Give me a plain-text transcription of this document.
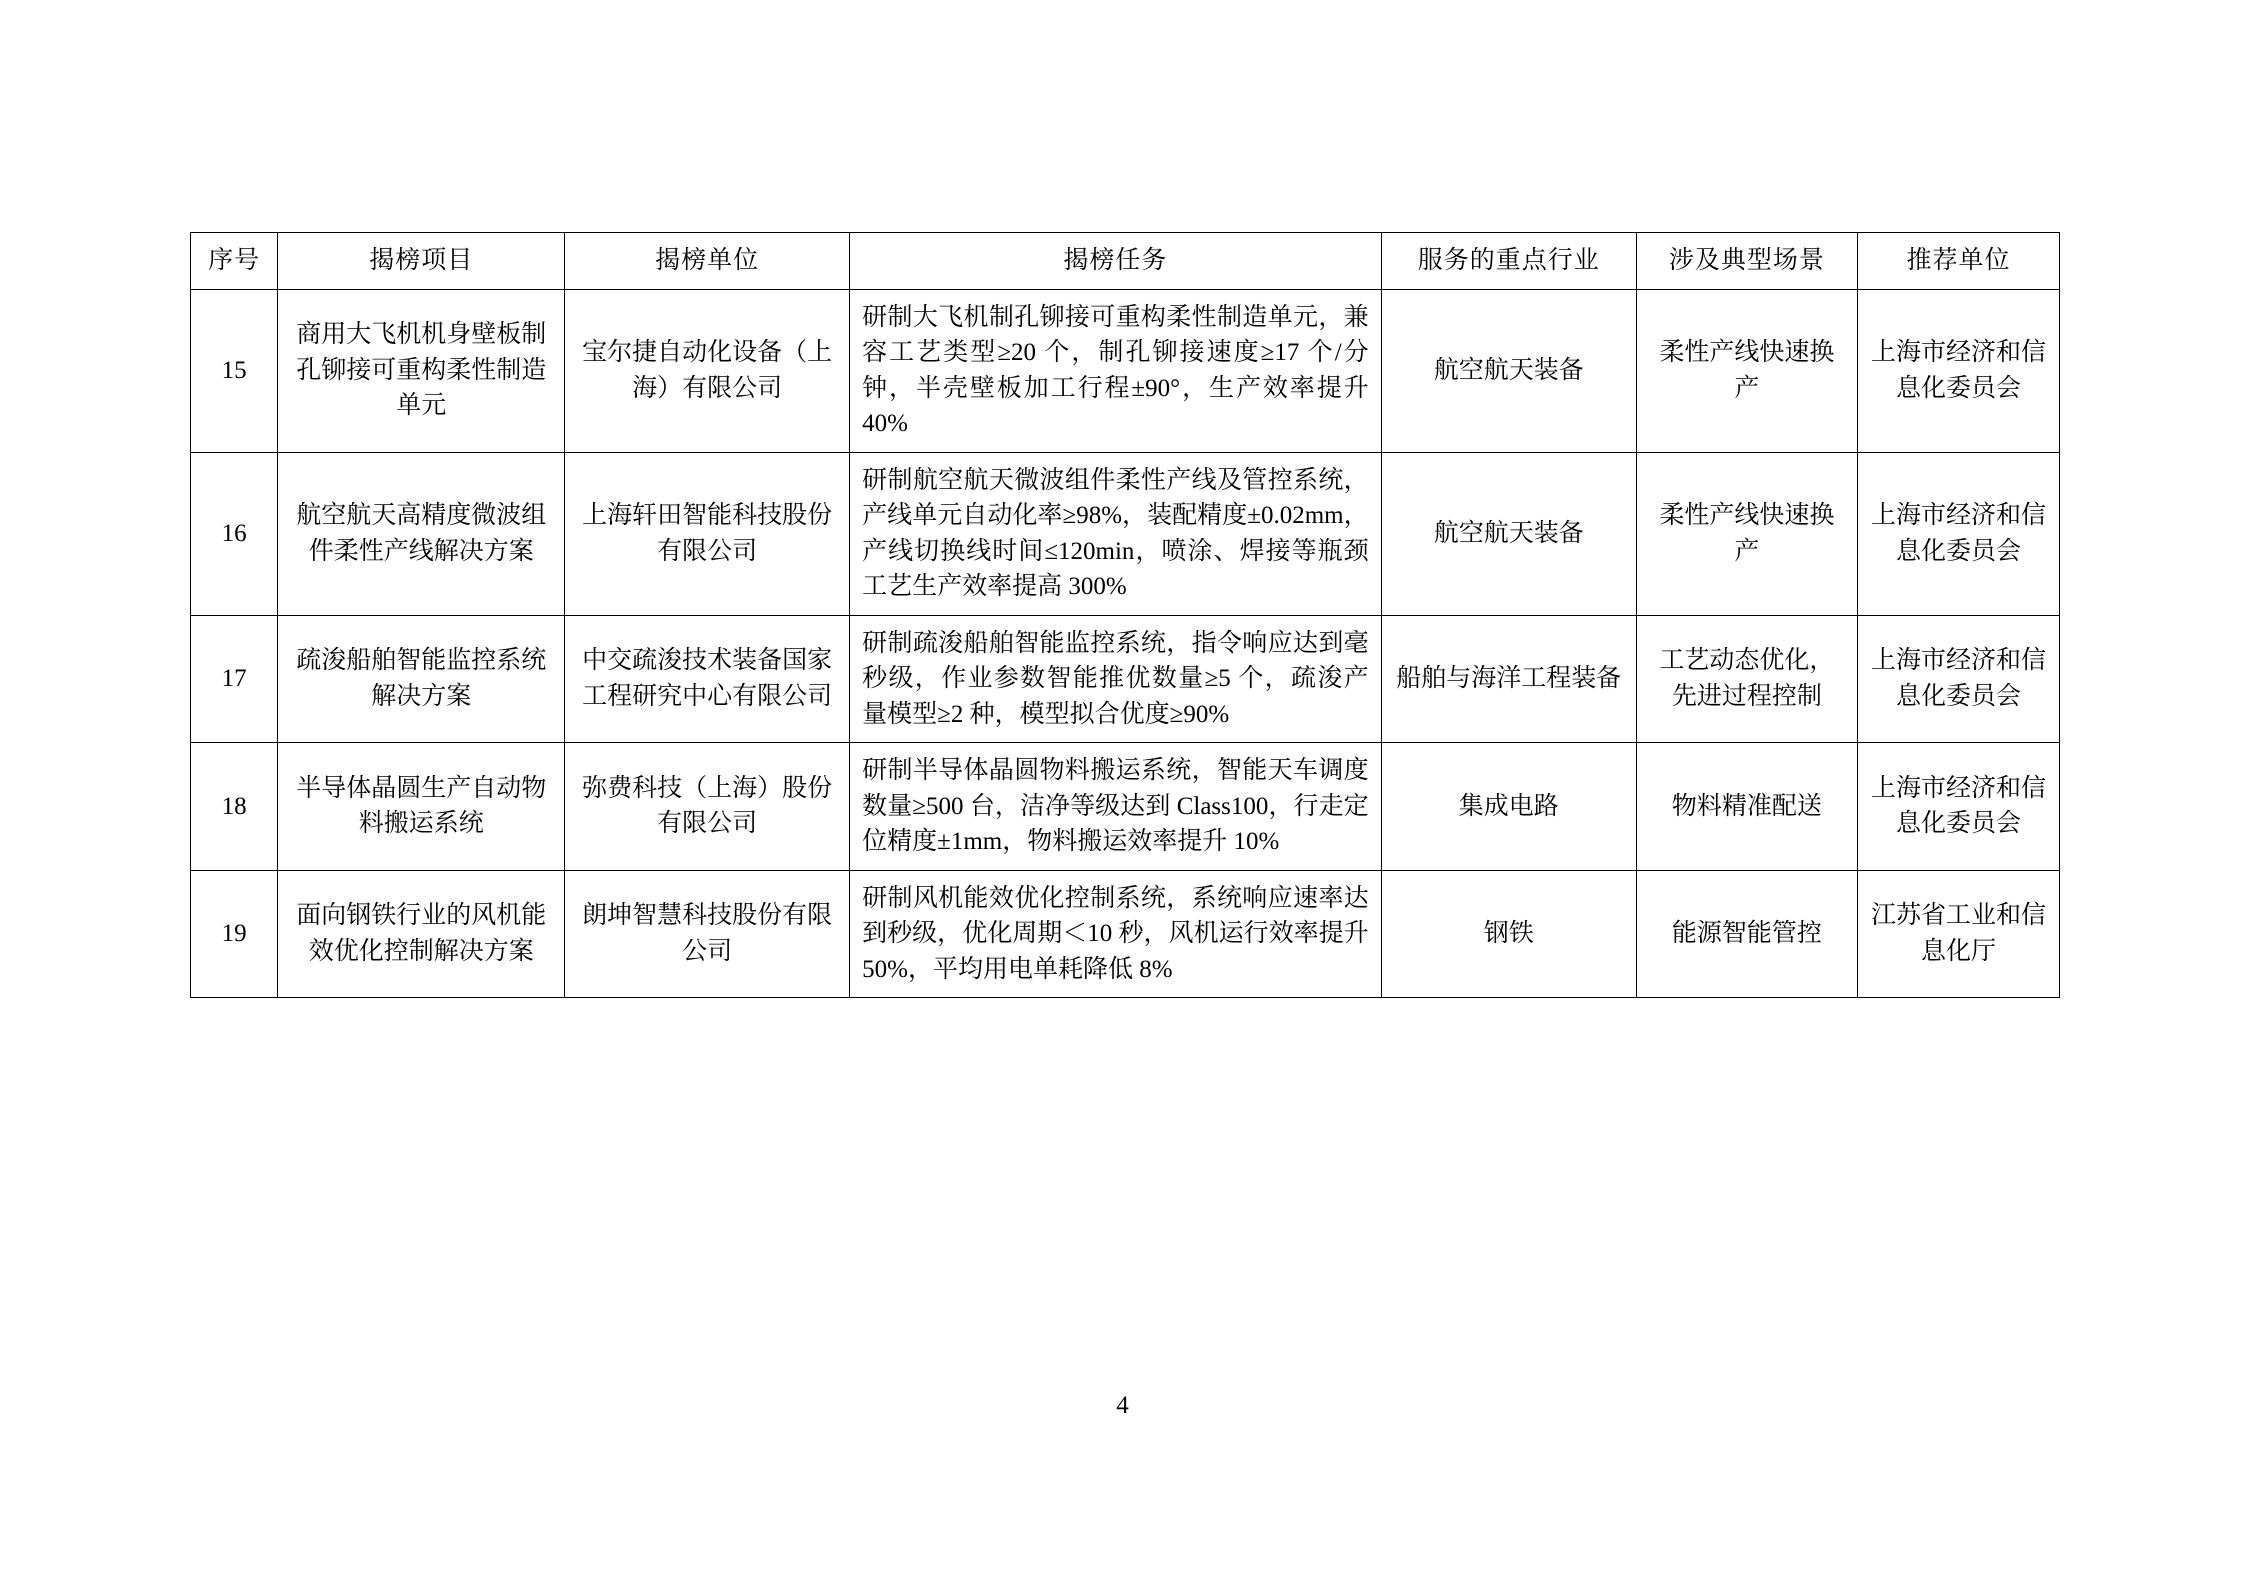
序号	揭榜项目	揭榜单位	揭榜任务	服务的重点行业	涉及典型场景	推荐单位
15	商用大飞机机身壁板制孔铆接可重构柔性制造单元	宝尔捷自动化设备（上海）有限公司	研制大飞机制孔铆接可重构柔性制造单元，兼容工艺类型≥20 个，制孔铆接速度≥17 个/分钟，半壳壁板加工行程±90°，生产效率提升 40%	航空航天装备	柔性产线快速换产	上海市经济和信息化委员会
16	航空航天高精度微波组件柔性产线解决方案	上海轩田智能科技股份有限公司	研制航空航天微波组件柔性产线及管控系统，产线单元自动化率≥98%，装配精度±0.02mm，产线切换线时间≤120min，喷涂、焊接等瓶颈工艺生产效率提高 300%	航空航天装备	柔性产线快速换产	上海市经济和信息化委员会
17	疏浚船舶智能监控系统解决方案	中交疏浚技术装备国家工程研究中心有限公司	研制疏浚船舶智能监控系统，指令响应达到毫秒级，作业参数智能推优数量≥5 个，疏浚产量模型≥2 种，模型拟合优度≥90%	船舶与海洋工程装备	工艺动态优化，先进过程控制	上海市经济和信息化委员会
18	半导体晶圆生产自动物料搬运系统	弥费科技（上海）股份有限公司	研制半导体晶圆物料搬运系统，智能天车调度数量≥500 台，洁净等级达到 Class100，行走定位精度±1mm，物料搬运效率提升 10%	集成电路	物料精准配送	上海市经济和信息化委员会
19	面向钢铁行业的风机能效优化控制解决方案	朗坤智慧科技股份有限公司	研制风机能效优化控制系统，系统响应速率达到秒级，优化周期＜10 秒，风机运行效率提升 50%，平均用电单耗降低 8%	钢铁	能源智能管控	江苏省工业和信息化厅
4
